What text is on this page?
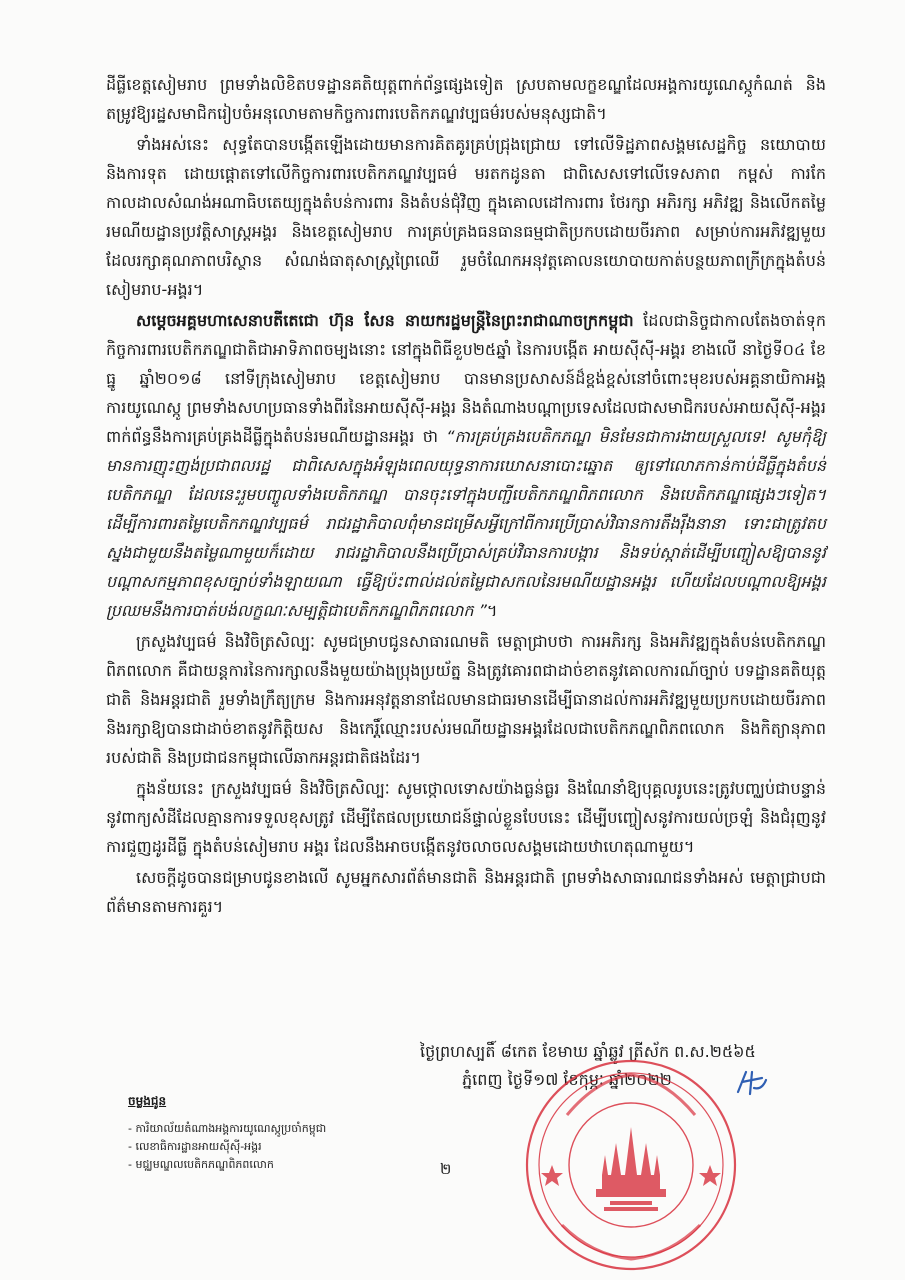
ដីធ្លីខេត្តសៀមរាប ព្រមទាំងលិខិតបទដ្ឋានគតិយុត្តពាក់ព័ន្ធផ្សេងទៀត ស្របតាមលក្ខខណ្ឌដែលអង្គការយូណេស្កូកំណត់ និងតម្រូវឱ្យរដ្ឋសមាជិករៀបចំអនុលោមតាមកិច្ចការពារបេតិកភណ្ឌវប្បធម៌របស់មនុស្សជាតិ។

ទាំងអស់នេះ សុទ្ធតែបានបង្កើតឡើងដោយមានការគិតគូរគ្រប់ជ្រុងជ្រោយ ទៅលើទិដ្ឋភាពសង្គមសេដ្ឋកិច្ច នយោបាយ និងការទុត ដោយផ្តោតទៅលើកិច្ចការពារបេតិកភណ្ឌវប្បធម៌ មរតកដូនតា ជាពិសេសទៅលើទេសភាព កម្ពស់ ការកែកាលដាលសំណង់អណាធិបតេយ្យក្នុងតំបន់ការពារ និងតំបន់ជុំវិញ ក្នុងគោលដៅការពារ ថែរក្សា អភិរក្ស អភិវឌ្ឍ និងលើកតម្លៃរមណីយដ្ឋានប្រវត្តិសាស្ត្រអង្គរ និងខេត្តសៀមរាប ការគ្រប់គ្រងធនធានធម្មជាតិប្រកបដោយចីរភាព សម្រាប់ការអភិវឌ្ឍមួយដែលរក្សាគុណភាពបរិស្ថាន សំណង់ធាតុសាស្ត្រព្រៃឈើ រួមចំណែកអនុវត្តគោលនយោបាយកាត់បន្ថយភាពក្រីក្រក្នុងតំបន់សៀមរាប-អង្គរ។

សម្តេចអគ្គមហាសេនាបតីតេជោ ហ៊ុន សែន នាយករដ្ឋមន្ត្រីនៃព្រះរាជាណាចក្រកម្ពុជា ដែលជានិច្ចជាកាលតែងចាត់ទុកកិច្ចការពារបេតិកភណ្ឌជាតិជាអាទិភាពចម្បងនោះ នៅក្នុងពិធីខួប២៥ឆ្នាំ នៃការបង្កើត អាយស៊ីស៊ី-អង្គរ ខាងលើ នាថ្ងៃទី០៤ ខែធ្នូ ឆ្នាំ២០១៨ នៅទីក្រុងសៀមរាប ខេត្តសៀមរាប បានមានប្រសាសន៍ដ៏ខ្ពង់ខ្ពស់នៅចំពោះមុខរបស់អគ្គនាយិកាអង្គការយូណេស្កូ ព្រមទាំងសហប្រធានទាំងពីរនៃអាយស៊ីស៊ី-អង្គរ និងតំណាងបណ្តាប្រទេសដែលជាសមាជិករបស់អាយស៊ីស៊ី-អង្គរ ពាក់ព័ន្ធនឹងការគ្រប់គ្រងដីធ្លីក្នុងតំបន់រមណីយដ្ឋានអង្គរ ថា “ការគ្រប់គ្រងបេតិកភណ្ឌ មិនមែនជាការងាយស្រួលទេ! សូមកុំឱ្យមានការញុះញង់ប្រជាពលរដ្ឋ ជាពិសេសក្នុងអំឡុងពេលយុទ្ធនាការឃោសនាបោះឆ្នោត ឲ្យទៅលោភកាន់កាប់ដីធ្លីក្នុងតំបន់បេតិកភណ្ឌ ដែលនេះរួមបញ្ចូលទាំងបេតិកភណ្ឌ បានចុះទៅក្នុងបញ្ជីបេតិកភណ្ឌពិភពលោក និងបេតិកភណ្ឌផ្សេងៗទៀត។ ដើម្បីការពារតម្លៃបេតិកភណ្ឌវប្បធម៌ រាជរដ្ឋាភិបាលពុំមានជម្រើសអ្វីក្រៅពីការប្រើប្រាស់វិធានការតឹងរ៉ឹងនានា ទោះជាត្រូវតបស្នងជាមួយនឹងតម្លៃណាមួយក៏ដោយ រាជរដ្ឋាភិបាលនឹងប្រើប្រាស់គ្រប់វិធានការបង្ការ និងទប់ស្កាត់ដើម្បីបញ្ចៀសឱ្យបាននូវបណ្តាសកម្មភាពខុសច្បាប់ទាំងឡាយណា ធ្វើឱ្យប៉ះពាល់ដល់តម្លៃជាសកលនៃរមណីយដ្ឋានអង្គរ ហើយដែលបណ្តាលឱ្យអង្គរប្រឈមនឹងការបាត់បង់លក្ខណៈសម្បត្តិជាបេតិកភណ្ឌពិភពលោក ”។

ក្រសួងវប្បធម៌ និងវិចិត្រសិល្បៈ សូមជម្រាបជូនសាធារណមតិ មេត្តាជ្រាបថា ការអភិរក្ស និងអភិវឌ្ឍក្នុងតំបន់បេតិកភណ្ឌពិភពលោក គឺជាយន្តការនៃការក្សាលនឹងមួយយ៉ាងប្រុងប្រយ័ត្ន និងត្រូវគោរពជាដាច់ខាតនូវគោលការណ៍ច្បាប់ បទដ្ឋានគតិយុត្តជាតិ និងអន្តរជាតិ រួមទាំងក្រឹត្យក្រម និងការអនុវត្តនានាដែលមានជាធរមានដើម្បីធានាដល់ការអភិវឌ្ឍមួយប្រកបដោយចីរភាព និងរក្សាឱ្យបានជាដាច់ខាតនូវកិត្តិយស និងកេរ្តិ៍ឈ្មោះរបស់រមណីយដ្ឋានអង្គរដែលជាបេតិកភណ្ឌពិភពលោក និងកិត្យានុភាពរបស់ជាតិ និងប្រជាជនកម្ពុជាលើឆាកអន្តរជាតិផងដែរ។

ក្នុងន័យនេះ ក្រសួងវប្បធម៌ និងវិចិត្រសិល្បៈ សូមថ្កោលទោសយ៉ាងធ្ងន់ធ្ងរ និងណែនាំឱ្យបុគ្គលរូបនេះត្រូវបញ្ឈប់ជាបន្ទាន់ នូវពាក្យសំដីដែលគ្មានការទទួលខុសត្រូវ ដើម្បីតែផលប្រយោជន៍ផ្ទាល់ខ្លួនបែបនេះ ដើម្បីបញ្ចៀសនូវការយល់ច្រឡំ និងជំរុញនូវការជួញដូរដីធ្លី ក្នុងតំបន់សៀមរាប អង្គរ ដែលនឹងអាចបង្កើតនូវចលាចលសង្គមដោយឋាហេតុណាមួយ។

សេចក្តីដូចបានជម្រាបជូនខាងលើ សូមអ្នកសារព័ត៌មានជាតិ និងអន្តរជាតិ ព្រមទាំងសាធារណជនទាំងអស់ មេត្តាជ្រាបជាព័ត៌មានតាមការគួរ។

ថ្ងៃព្រហស្បតិ៍ ៨កេត ខែមាឃ ឆ្នាំឆ្លូវ ត្រីស័ក ព.ស.២៥៦៥
ភ្នំពេញ ថ្ងៃទី១៧ ខែកុម្ភៈ ឆ្នាំ២០២២
ចម្លងជូន
- ការិយាល័យតំណាងអង្គការយូណេស្កូប្រចាំកម្ពុជា
- លេខាធិការដ្ឋានអាយស៊ីស៊ី-អង្គរ
- មជ្ឈមណ្ឌលបេតិកភណ្ឌពិភពលោក	២
